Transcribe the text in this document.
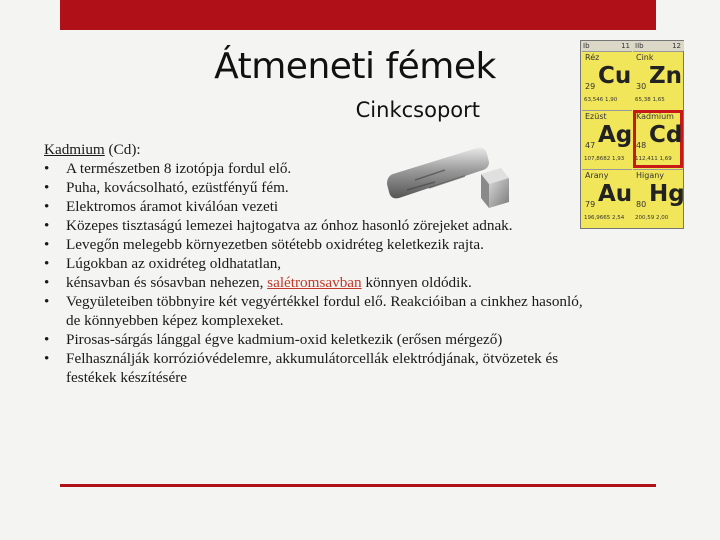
Átmeneti fémek
Cinkcsoport
Kadmium (Cd):
• A természetben 8 izotópja fordul elő.
• Puha, kovácsolható, ezüstfényű fém.
• Elektromos áramot kiválóan vezeti
• Közepes tisztaságú lemezei hajtogatva az ónhoz hasonló zörejeket adnak.
• Levegőn melegebb környezetben sötétebb oxidréteg keletkezik rajta.
• Lúgokban az oxidréteg oldhatatlan,
• kénsavban és sósavban nehezen, salétromsavban könnyen oldódik.
• Vegyületeiben többnyire két vegyértékkel fordul elő. Reakcióiban a cinkhez hasonló, de könnyebben képez komplexeket.
• Pirosas-sárgás lánggal égve kadmium-oxid keletkezik (erősen mérgező)
• Felhasználják korrózióvédelemre, akkumulátorcellák elektródjának, ötvözetek és festékek készítésére
Ib	11 IIb	12
Réz
Cu
29
63,546 1,90
Cink
Zn
30
65,38 1,65
Ezüst
Ag
47
107,8682 1,93
Kadmium
Cd
48
112,411 1,69
Arany
Au
79
196,9665 2,54
Higany
Hg
80
200,59 2,00
